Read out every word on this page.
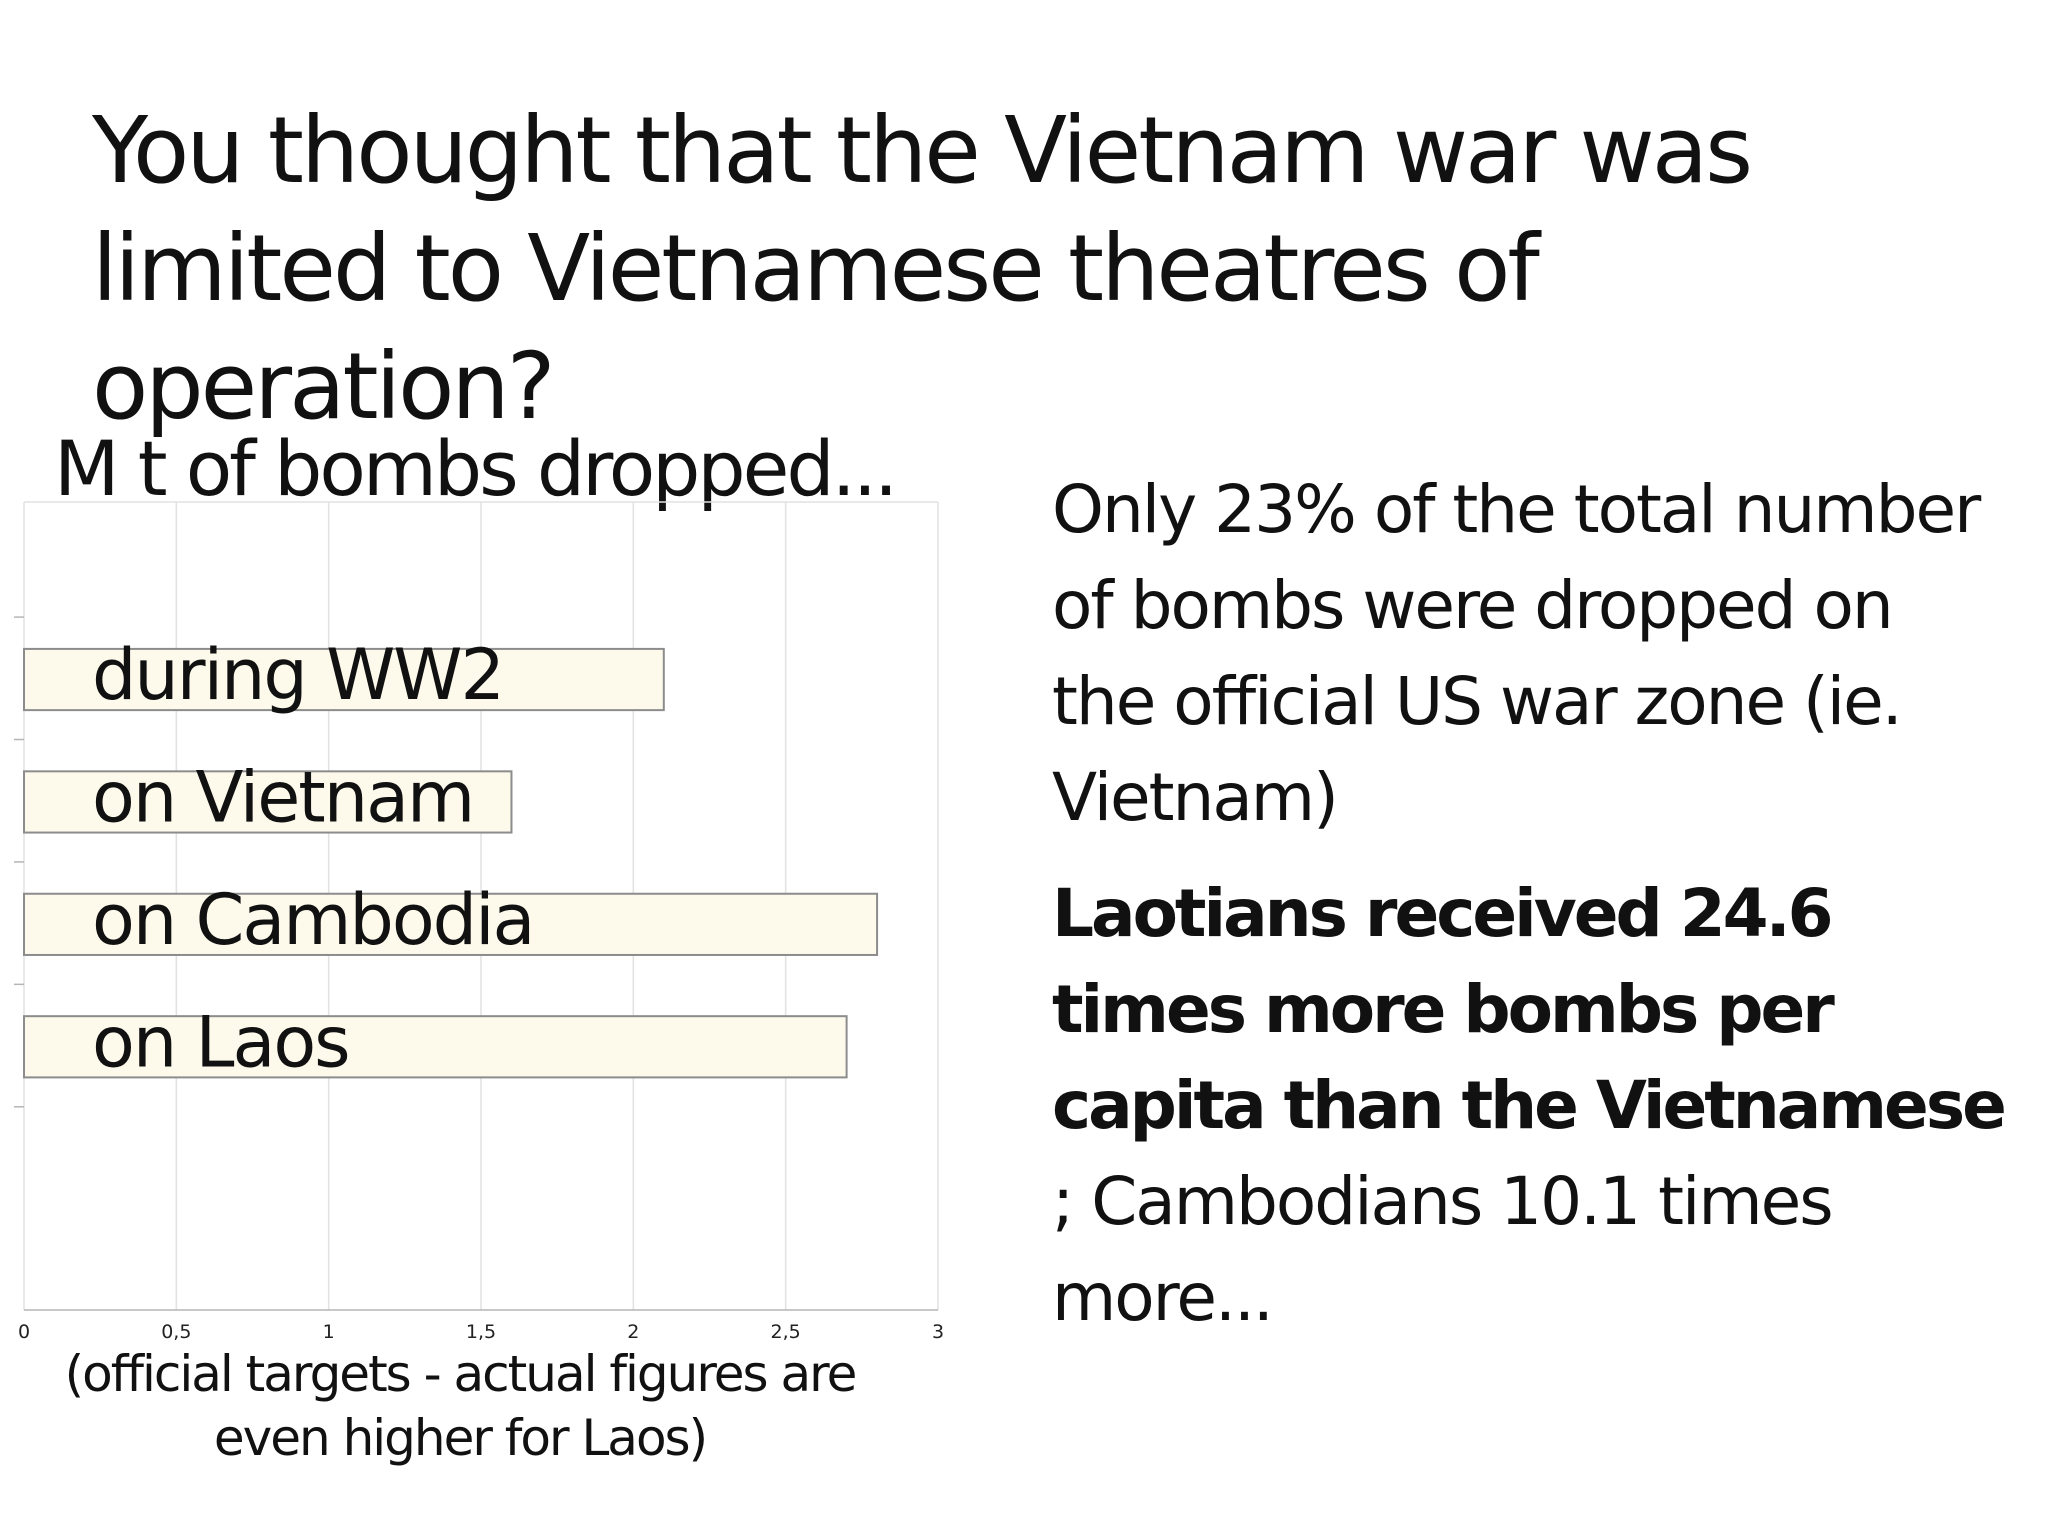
You thought that the Vietnam war was limited to Vietnamese theatres of operation?
M t of bombs dropped...
during WW2
on Vietnam
on Cambodia
on Laos
0	0,5	1	1,5	2	2,5	3
(official targets - actual figures are even higher for Laos)

Only 23% of the total number of bombs were dropped on the official US war zone (ie. Vietnam)

Laotians received 24.6 times more bombs per capita than the Vietnamese ; Cambodians 10.1 times more...
